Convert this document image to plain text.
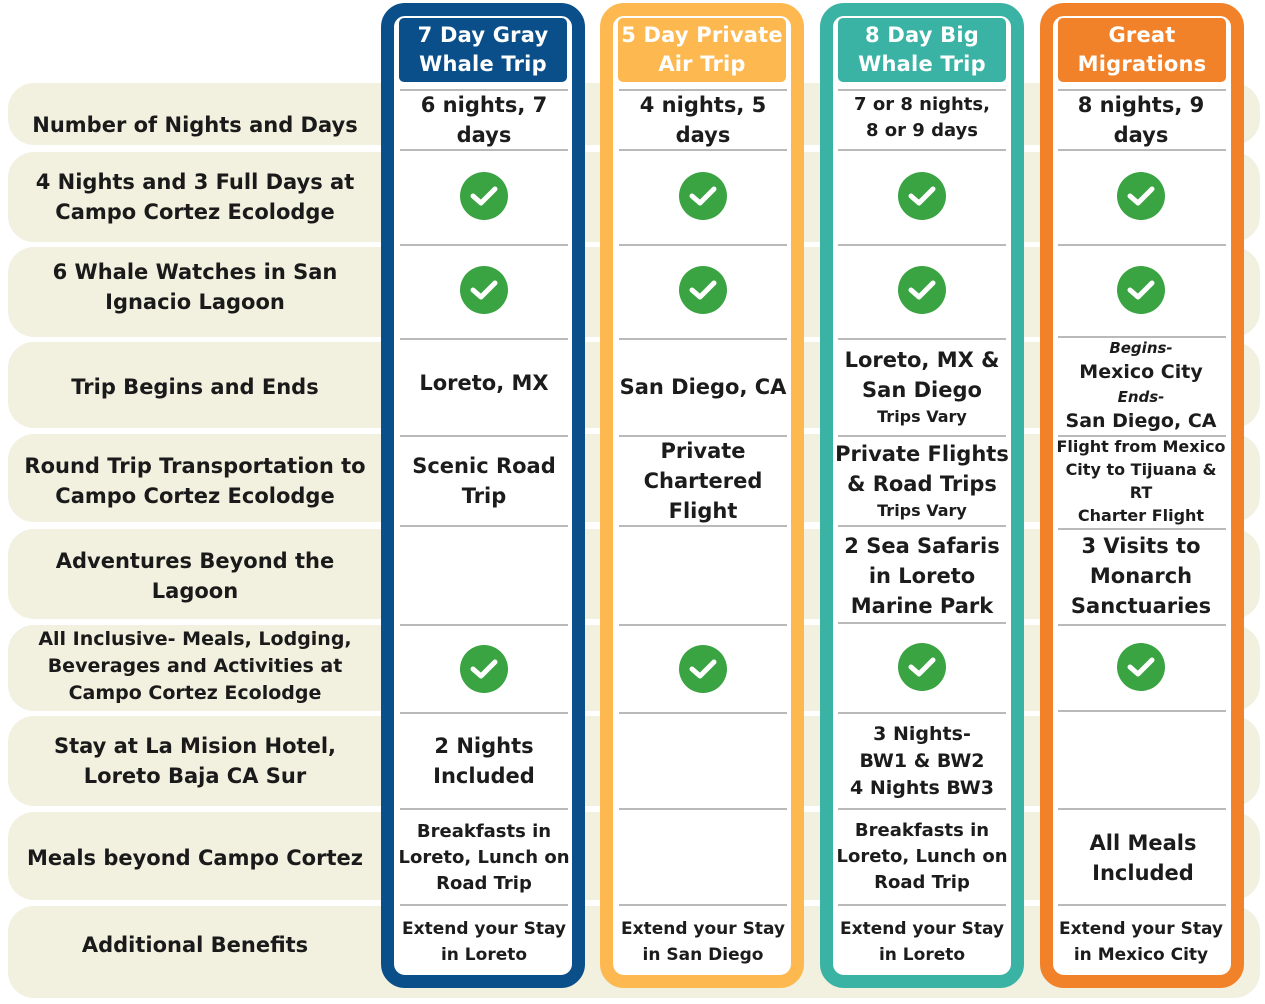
Number of Nights and Days
4 Nights and 3 Full Days at
Campo Cortez Ecolodge
6 Whale Watches in San
Ignacio Lagoon
Trip Begins and Ends
Round Trip Transportation to
Campo Cortez Ecolodge
Adventures Beyond the Lagoon
All Inclusive- Meals, Lodging,
Beverages and Activities at
Campo Cortez Ecolodge
Stay at La Mision Hotel,
Loreto Baja CA Sur
Meals beyond Campo Cortez
Additional Benefits
7 Day Gray
Whale Trip
5 Day Private
Air Trip
8 Day Big
Whale Trip
Great
Migrations
6 nights, 7 days
Loreto, MX
Scenic Road
Trip
2 Nights
Included
Breakfasts in
Loreto, Lunch on
Road Trip
Extend your Stay
in Loreto
4 nights, 5 days
San Diego, CA
Private
Chartered
Flight
Extend your Stay
in San Diego
7 or 8 nights,
8 or 9 days
Loreto, MX &
San Diego
Trips Vary
Private Flights
& Road Trips
Trips Vary
2 Sea Safaris
in Loreto
Marine Park
3 Nights-
BW1 & BW2
4 Nights BW3
Breakfasts in
Loreto, Lunch on
Road Trip
Extend your Stay
in Loreto
8 nights, 9 days
Begins-
Mexico City
Ends-
San Diego, CA
Flight from Mexico
City to Tijuana & RT
Charter Flight
3 Visits to
Monarch
Sanctuaries
All Meals
Included
Extend your Stay
in Mexico City
